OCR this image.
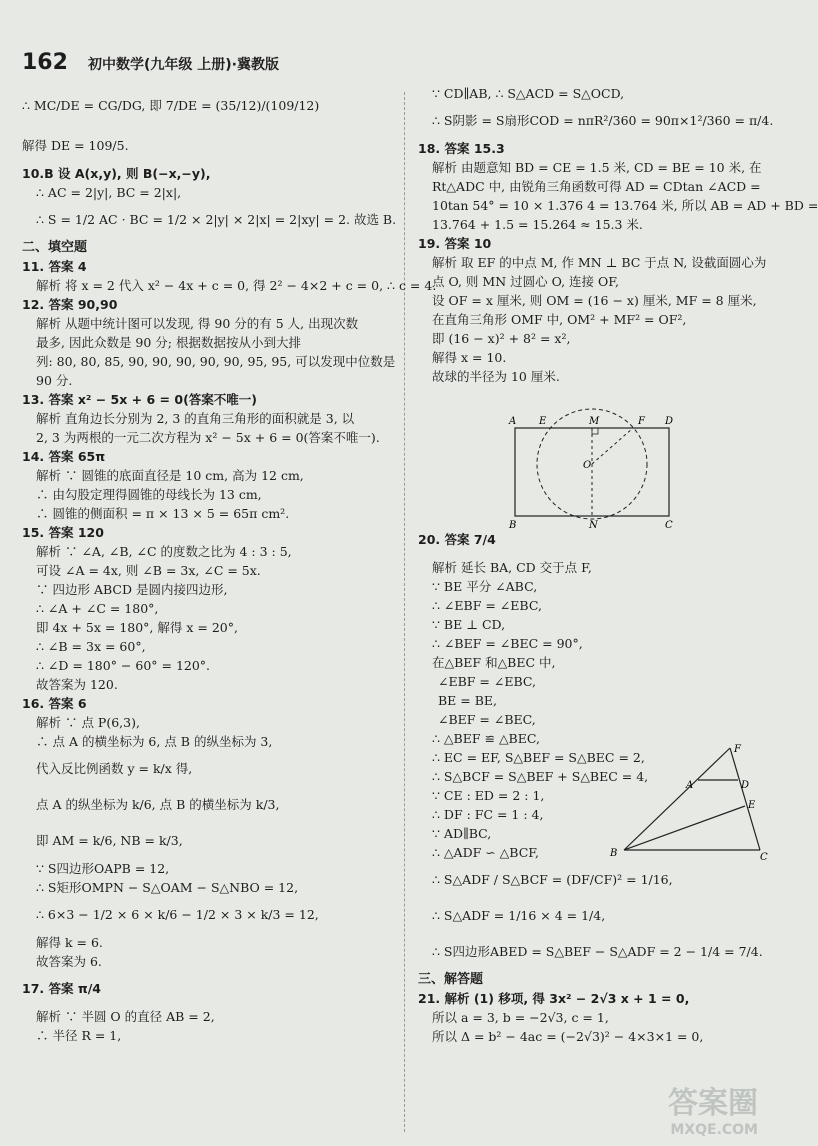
162 初中数学(九年级 上册)·冀教版
∴ MC/DE = CG/DG, 即 7/DE = (35/12)/(109/12)
解得 DE = 109/5.
10.B 设 A(x,y), 则 B(−x,−y),
∴ AC = 2|y|, BC = 2|x|,
∴ S = 1/2 AC · BC = 1/2 × 2|y| × 2|x| = 2|xy| = 2. 故选 B.
二、填空题
11. 答案 4
解析 将 x = 2 代入 x² − 4x + c = 0, 得 2² − 4×2 + c = 0, ∴ c = 4.
12. 答案 90,90
解析 从题中统计图可以发现, 得 90 分的有 5 人, 出现次数
最多, 因此众数是 90 分; 根据数据按从小到大排
列: 80, 80, 85, 90, 90, 90, 90, 90, 95, 95, 可以发现中位数是
90 分.
13. 答案 x² − 5x + 6 = 0(答案不唯一)
解析 直角边长分别为 2, 3 的直角三角形的面积就是 3, 以
2, 3 为两根的一元二次方程为 x² − 5x + 6 = 0(答案不唯一).
14. 答案 65π
解析 ∵ 圆锥的底面直径是 10 cm, 高为 12 cm,
∴ 由勾股定理得圆锥的母线长为 13 cm,
∴ 圆锥的侧面积 = π × 13 × 5 = 65π cm².
15. 答案 120
解析 ∵ ∠A, ∠B, ∠C 的度数之比为 4 : 3 : 5,
可设 ∠A = 4x, 则 ∠B = 3x, ∠C = 5x.
∵ 四边形 ABCD 是圆内接四边形,
∴ ∠A + ∠C = 180°,
即 4x + 5x = 180°, 解得 x = 20°,
∴ ∠B = 3x = 60°,
∴ ∠D = 180° − 60° = 120°.
故答案为 120.
16. 答案 6
解析 ∵ 点 P(6,3),
∴ 点 A 的横坐标为 6, 点 B 的纵坐标为 3,
代入反比例函数 y = k/x 得,
点 A 的纵坐标为 k/6, 点 B 的横坐标为 k/3,
即 AM = k/6, NB = k/3,
∵ S四边形OAPB = 12,
∴ S矩形OMPN − S△OAM − S△NBO = 12,
∴ 6×3 − 1/2 × 6 × k/6 − 1/2 × 3 × k/3 = 12,
解得 k = 6.
故答案为 6.
17. 答案 π/4
解析 ∵ 半圆 O 的直径 AB = 2,
∴ 半径 R = 1,
∵ CD∥AB, ∴ S△ACD = S△OCD,
∴ S阴影 = S扇形COD = nπR²/360 = 90π×1²/360 = π/4.
18. 答案 15.3
解析 由题意知 BD = CE = 1.5 米, CD = BE = 10 米, 在
Rt△ADC 中, 由锐角三角函数可得 AD = CDtan ∠ACD =
10tan 54° = 10 × 1.376 4 = 13.764 米, 所以 AB = AD + BD =
13.764 + 1.5 = 15.264 ≈ 15.3 米.
19. 答案 10
解析 取 EF 的中点 M, 作 MN ⊥ BC 于点 N, 设截面圆心为
点 O, 则 MN 过圆心 O, 连接 OF,
设 OF = x 厘米, 则 OM = (16 − x) 厘米, MF = 8 厘米,
在直角三角形 OMF 中, OM² + MF² = OF²,
即 (16 − x)² + 8² = x²,
解得 x = 10.
故球的半径为 10 厘米.
20. 答案 7/4
解析 延长 BA, CD 交于点 F,
∵ BE 平分 ∠ABC,
∴ ∠EBF = ∠EBC,
∵ BE ⊥ CD,
∴ ∠BEF = ∠BEC = 90°,
在△BEF 和△BEC 中,
∠EBF = ∠EBC,
BE = BE,
∠BEF = ∠BEC,
∴ △BEF ≌ △BEC,
∴ EC = EF, S△BEF = S△BEC = 2,
∴ S△BCF = S△BEF + S△BEC = 4,
∵ CE : ED = 2 : 1,
∴ DF : FC = 1 : 4,
∵ AD∥BC,
∴ △ADF ∽ △BCF,
∴ S△ADF / S△BCF = (DF/CF)² = 1/16,
∴ S△ADF = 1/16 × 4 = 1/4,
∴ S四边形ABED = S△BEF − S△ADF = 2 − 1/4 = 7/4.
三、解答题
21. 解析 (1) 移项, 得 3x² − 2√3 x + 1 = 0,
所以 a = 3, b = −2√3, c = 1,
所以 Δ = b² − 4ac = (−2√3)² − 4×3×1 = 0,
A E	M	F D
O
B	N	C
F
A	D
E
B	C
答案圈
MXQE.COM
